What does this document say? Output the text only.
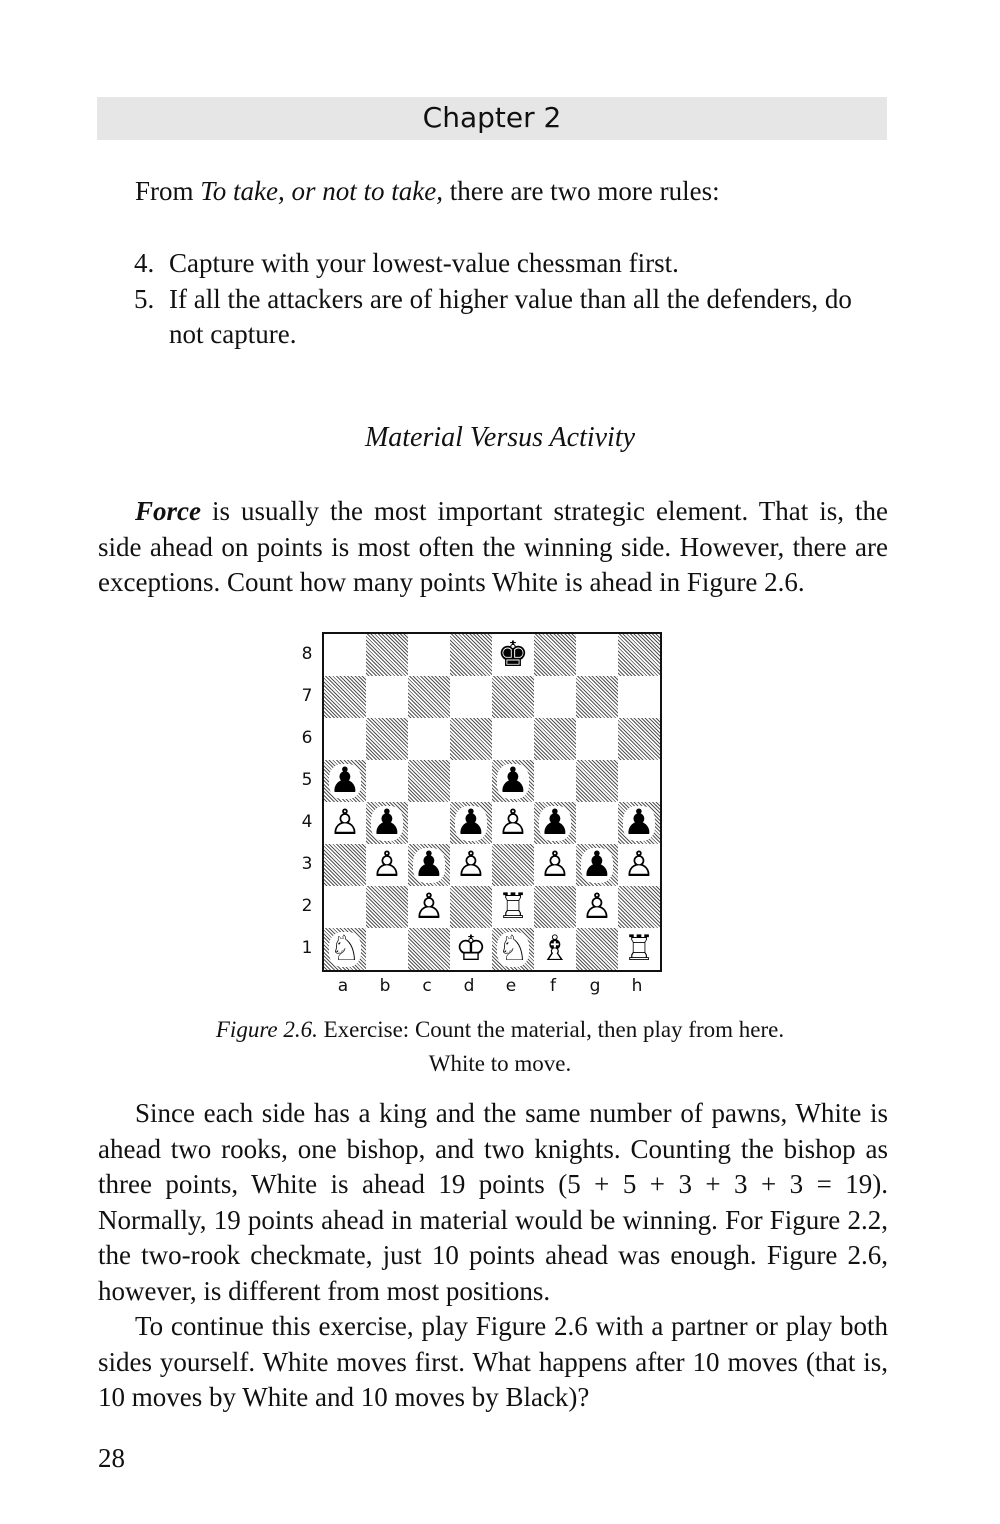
Chapter 2

From To take, or not to take, there are two more rules:

4. Capture with your lowest-value chessman first.
5. If all the attackers are of higher value than all the defenders, do not capture.
Material Versus Activity

Force is usually the most important strategic element. That is, the side ahead on points is most often the winning side. However, there are exceptions. Count how many points White is ahead in Figure 2.6.

♚
♟	♟
♙ ♟ ♟ ♙ ♟ ♟
♙ ♟ ♙ ♙ ♟ ♙
♙ ♖ ♙
♘	♔ ♘ ♗ ♖
8
7
6
5
4
3
2
1
a	b	c	d	e	f	g	h
Figure 2.6. Exercise: Count the material, then play from here.
White to move.

Since each side has a king and the same number of pawns, White is ahead two rooks, one bishop, and two knights. Counting the bishop as three points, White is ahead 19 points (5 + 5 + 3 + 3 + 3 = 19). Normally, 19 points ahead in material would be winning. For Figure 2.2, the two-rook checkmate, just 10 points ahead was enough. Figure 2.6, however, is different from most positions.

To continue this exercise, play Figure 2.6 with a partner or play both sides yourself. White moves first. What happens after 10 moves (that is, 10 moves by White and 10 moves by Black)?

28
